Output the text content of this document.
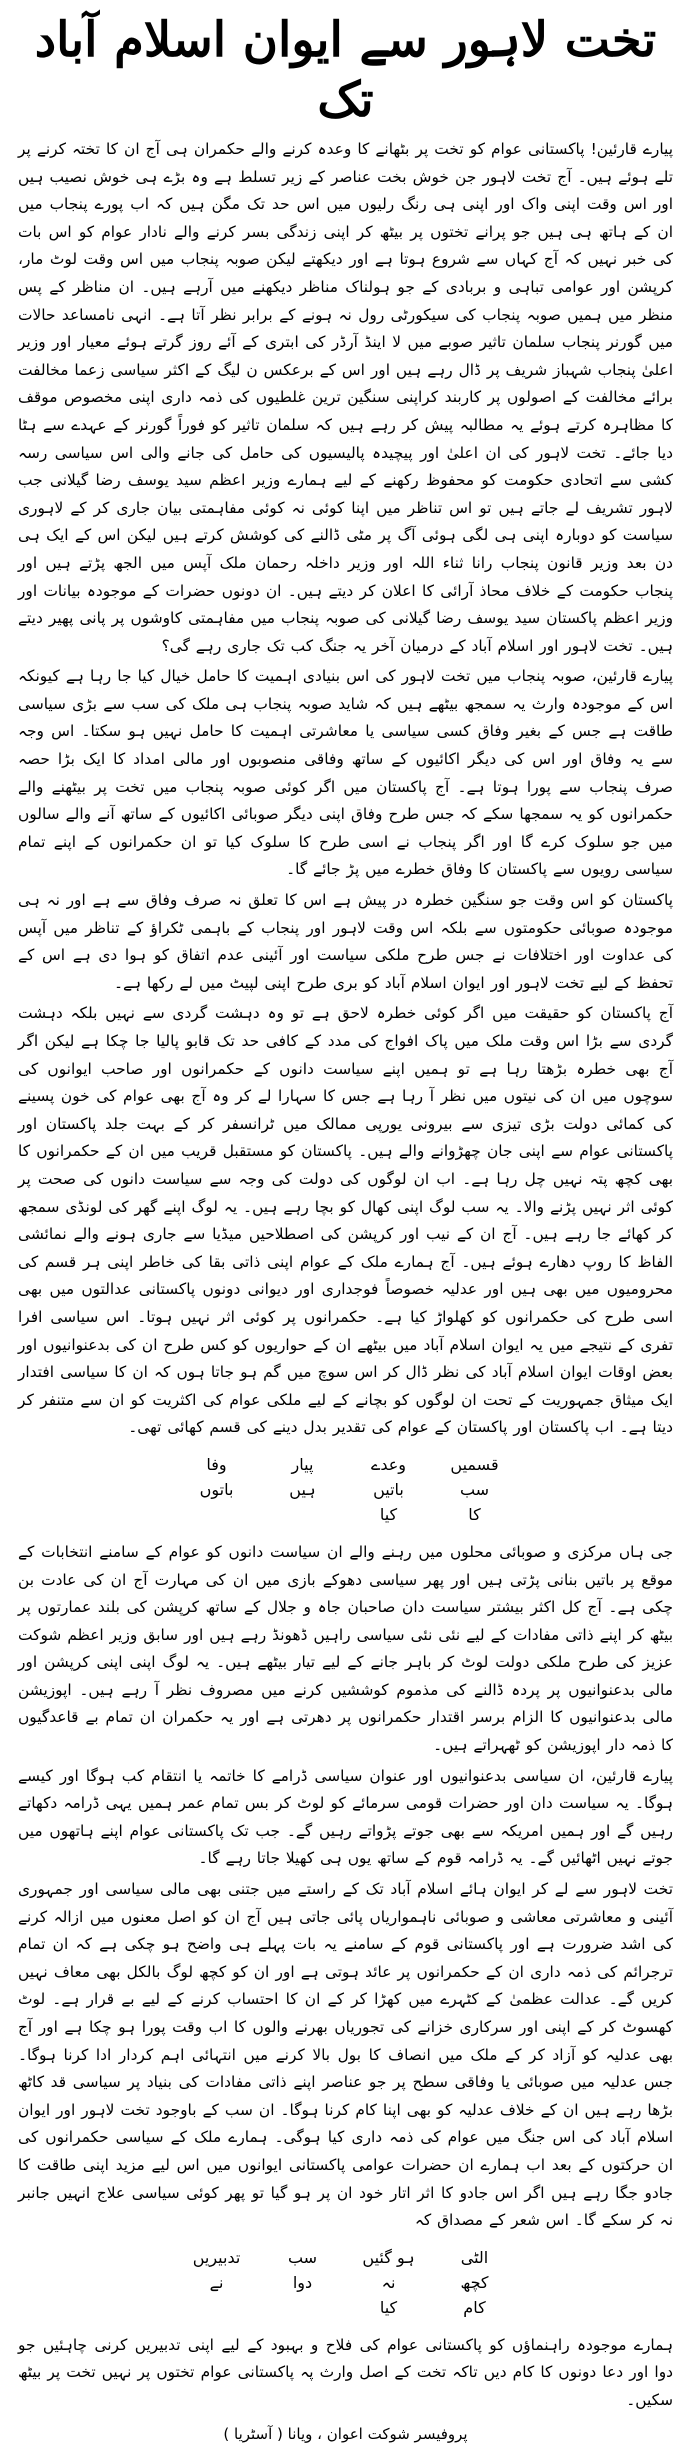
تخت لاہور سے ایوان اسلام آباد تک

پیارے قارئین! پاکستانی عوام کو تخت پر بٹھانے کا وعدہ کرنے والے حکمران ہی آج ان کا تختہ کرنے پر تلے ہوئے ہیں۔ آج تخت لاہور جن خوش بخت عناصر کے زیر تسلط ہے وہ بڑے ہی خوش نصیب ہیں اور اس وقت اپنی واک اور اپنی ہی رنگ رلیوں میں اس حد تک مگن ہیں کہ اب پورے پنجاب میں ان کے ہاتھ ہی ہیں جو پرانے تختوں پر بیٹھ کر اپنی زندگی بسر کرنے والے نادار عوام کو اس بات کی خبر نہیں کہ آج کہاں سے شروع ہوتا ہے اور دیکھتے لیکن صوبہ پنجاب میں اس وقت لوٹ مار، کرپشن اور عوامی تباہی و بربادی کے جو ہولناک مناظر دیکھنے میں آرہے ہیں۔ ان مناظر کے پس منظر میں ہمیں صوبہ پنجاب کی سیکورٹی رول نہ ہونے کے برابر نظر آتا ہے۔ انہی نامساعد حالات میں گورنر پنجاب سلمان تاثیر صوبے میں لا اینڈ آرڈر کی ابتری کے آئے روز گرتے ہوئے معیار اور وزیر اعلیٰ پنجاب شہباز شریف پر ڈال رہے ہیں اور اس کے برعکس ن لیگ کے اکثر سیاسی زعما مخالفت برائے مخالفت کے اصولوں پر کاربند کراپنی سنگین ترین غلطیوں کی ذمہ داری اپنی مخصوص موقف کا مظاہرہ کرتے ہوئے یہ مطالبہ پیش کر رہے ہیں کہ سلمان تاثیر کو فوراً گورنر کے عہدے سے ہٹا دیا جائے۔ تخت لاہور کی ان اعلیٰ اور پیچیدہ پالیسیوں کی حامل کی جانے والی اس سیاسی رسہ کشی سے اتحادی حکومت کو محفوظ رکھنے کے لیے ہمارے وزیر اعظم سید یوسف رضا گیلانی جب لاہور تشریف لے جاتے ہیں تو اس تناظر میں اپنا کوئی نہ کوئی مفاہمتی بیان جاری کر کے لاہوری سیاست کو دوبارہ اپنی ہی لگی ہوئی آگ پر مٹی ڈالنے کی کوشش کرتے ہیں لیکن اس کے ایک ہی دن بعد وزیر قانون پنجاب رانا ثناء اللہ اور وزیر داخلہ رحمان ملک آپس میں الجھ پڑتے ہیں اور پنجاب حکومت کے خلاف محاذ آرائی کا اعلان کر دیتے ہیں۔ ان دونوں حضرات کے موجودہ بیانات اور وزیر اعظم پاکستان سید یوسف رضا گیلانی کی صوبہ پنجاب میں مفاہمتی کاوشوں پر پانی پھیر دیتے ہیں۔ تخت لاہور اور اسلام آباد کے درمیان آخر یہ جنگ کب تک جاری رہے گی؟

پیارے قارئین، صوبہ پنجاب میں تخت لاہور کی اس بنیادی اہمیت کا حامل خیال کیا جا رہا ہے کیونکہ اس کے موجودہ وارث یہ سمجھ بیٹھے ہیں کہ شاید صوبہ پنجاب ہی ملک کی سب سے بڑی سیاسی طاقت ہے جس کے بغیر وفاق کسی سیاسی یا معاشرتی اہمیت کا حامل نہیں ہو سکتا۔ اس وجہ سے یہ وفاق اور اس کی دیگر اکائیوں کے ساتھ وفاقی منصوبوں اور مالی امداد کا ایک بڑا حصہ صرف پنجاب سے پورا ہوتا ہے۔ آج پاکستان میں اگر کوئی صوبہ پنجاب میں تخت پر بیٹھنے والے حکمرانوں کو یہ سمجھا سکے کہ جس طرح وفاق اپنی دیگر صوبائی اکائیوں کے ساتھ آنے والے سالوں میں جو سلوک کرے گا اور اگر پنجاب نے اسی طرح کا سلوک کیا تو ان حکمرانوں کے اپنے تمام سیاسی رویوں سے پاکستان کا وفاق خطرے میں پڑ جائے گا۔

پاکستان کو اس وقت جو سنگین خطرہ در پیش ہے اس کا تعلق نہ صرف وفاق سے ہے اور نہ ہی موجودہ صوبائی حکومتوں سے بلکہ اس وقت لاہور اور پنجاب کے باہمی ٹکراؤ کے تناظر میں آپس کی عداوت اور اختلافات نے جس طرح ملکی سیاست اور آئینی عدم اتفاق کو ہوا دی ہے اس کے تحفظ کے لیے تخت لاہور اور ایوان اسلام آباد کو بری طرح اپنی لپیٹ میں لے رکھا ہے۔

آج پاکستان کو حقیقت میں اگر کوئی خطرہ لاحق ہے تو وہ دہشت گردی سے نہیں بلکہ دہشت گردی سے بڑا اس وقت ملک میں پاک افواج کی مدد کے کافی حد تک قابو پالیا جا چکا ہے لیکن اگر آج بھی خطرہ بڑھتا رہا ہے تو ہمیں اپنے سیاست دانوں کے حکمرانوں اور صاحب ایوانوں کی سوچوں میں ان کی نیتوں میں نظر آ رہا ہے جس کا سہارا لے کر وہ آج بھی عوام کی خون پسینے کی کمائی دولت بڑی تیزی سے بیرونی یورپی ممالک میں ٹرانسفر کر کے بہت جلد پاکستان اور پاکستانی عوام سے اپنی جان چھڑوانے والے ہیں۔ پاکستان کو مستقبل قریب میں ان کے حکمرانوں کا بھی کچھ پتہ نہیں چل رہا ہے۔ اب ان لوگوں کی دولت کی وجہ سے سیاست دانوں کی صحت پر کوئی اثر نہیں پڑنے والا۔ یہ سب لوگ اپنی کھال کو بچا رہے ہیں۔ یہ لوگ اپنے گھر کی لونڈی سمجھ کر کھائے جا رہے ہیں۔ آج ان کے نیب اور کرپشن کی اصطلاحیں میڈیا سے جاری ہونے والے نمائشی الفاظ کا روپ دھارے ہوئے ہیں۔ آج ہمارے ملک کے عوام اپنی ذاتی بقا کی خاطر اپنی ہر قسم کی محرومیوں میں بھی ہیں اور عدلیہ خصوصاً فوجداری اور دیوانی دونوں پاکستانی عدالتوں میں بھی اسی طرح کی حکمرانوں کو کھلواڑ کیا ہے۔ حکمرانوں پر کوئی اثر نہیں ہوتا۔ اس سیاسی افرا تفری کے نتیجے میں یہ ایوان اسلام آباد میں بیٹھے ان کے حواریوں کو کس طرح ان کی بدعنوانیوں اور بعض اوقات ایوان اسلام آباد کی نظر ڈال کر اس سوچ میں گم ہو جاتا ہوں کہ ان کا سیاسی افتدار ایک میثاق جمہوریت کے تحت ان لوگوں کو بچانے کے لیے ملکی عوام کی اکثریت کو ان سے متنفر کر دیتا ہے۔ اب پاکستان اور پاکستان کے عوام کی تقدیر بدل دینے کی قسم کھائی تھی۔

قسمیں
وعدے
پیار
وفا
سب
باتیں
ہیں
باتوں
کا
کیا

جی ہاں مرکزی و صوبائی محلوں میں رہنے والے ان سیاست دانوں کو عوام کے سامنے انتخابات کے موقع پر باتیں بنانی پڑتی ہیں اور پھر سیاسی دھوکے بازی میں ان کی مہارت آج ان کی عادت بن چکی ہے۔ آج کل اکثر بیشتر سیاست دان صاحبان جاہ و جلال کے ساتھ کرپشن کی بلند عمارتوں پر بیٹھ کر اپنے ذاتی مفادات کے لیے نئی نئی سیاسی راہیں ڈھونڈ رہے ہیں اور سابق وزیر اعظم شوکت عزیز کی طرح ملکی دولت لوٹ کر باہر جانے کے لیے تیار بیٹھے ہیں۔ یہ لوگ اپنی اپنی کرپشن اور مالی بدعنوانیوں پر پردہ ڈالنے کی مذموم کوششیں کرنے میں مصروف نظر آ رہے ہیں۔ اپوزیشن مالی بدعنوانیوں کا الزام برسر اقتدار حکمرانوں پر دھرتی ہے اور یہ حکمران ان تمام بے قاعدگیوں کا ذمہ دار اپوزیشن کو ٹھہراتے ہیں۔

پیارے قارئین، ان سیاسی بدعنوانیوں اور عنوان سیاسی ڈرامے کا خاتمہ یا انتقام کب ہوگا اور کیسے ہوگا۔ یہ سیاست دان اور حضرات قومی سرمائے کو لوٹ کر بس تمام عمر ہمیں یہی ڈرامہ دکھاتے رہیں گے اور ہمیں امریکہ سے بھی جوتے پڑواتے رہیں گے۔ جب تک پاکستانی عوام اپنے ہاتھوں میں جوتے نہیں اٹھائیں گے۔ یہ ڈرامہ قوم کے ساتھ یوں ہی کھیلا جاتا رہے گا۔

تخت لاہور سے لے کر ایوان ہائے اسلام آباد تک کے راستے میں جتنی بھی مالی سیاسی اور جمہوری آئینی و معاشرتی معاشی و صوبائی ناہمواریاں پائی جاتی ہیں آج ان کو اصل معنوں میں ازالہ کرنے کی اشد ضرورت ہے اور پاکستانی قوم کے سامنے یہ بات پہلے ہی واضح ہو چکی ہے کہ ان تمام ترجرائم کی ذمہ داری ان کے حکمرانوں پر عائد ہوتی ہے اور ان کو کچھ لوگ بالکل بھی معاف نہیں کریں گے۔ عدالت عظمیٰ کے کٹہرے میں کھڑا کر کے ان کا احتساب کرنے کے لیے بے قرار ہے۔ لوٹ کھسوٹ کر کے اپنی اور سرکاری خزانے کی تجوریاں بھرنے والوں کا اب وقت پورا ہو چکا ہے اور آج بھی عدلیہ کو آزاد کر کے ملک میں انصاف کا بول بالا کرنے میں انتہائی اہم کردار ادا کرنا ہوگا۔ جس عدلیہ میں صوبائی یا وفاقی سطح پر جو عناصر اپنے ذاتی مفادات کی بنیاد پر سیاسی قد کاٹھ بڑھا رہے ہیں ان کے خلاف عدلیہ کو بھی اپنا کام کرنا ہوگا۔ ان سب کے باوجود تخت لاہور اور ایوان اسلام آباد کی اس جنگ میں عوام کی ذمہ داری کیا ہوگی۔ ہمارے ملک کے سیاسی حکمرانوں کی ان حرکتوں کے بعد اب ہمارے ان حضرات عوامی پاکستانی ایوانوں میں اس لیے مزید اپنی طاقت کا جادو جگا رہے ہیں اگر اس جادو کا اثر اتار خود ان پر ہو گیا تو پھر کوئی سیاسی علاج انہیں جانبر نہ کر سکے گا۔ اس شعر کے مصداق کہ

الٹی
ہو گئیں
سب
تدبیریں
کچھ
نہ
دوا
نے
کام
کیا

ہمارے موجودہ راہنماؤں کو پاکستانی عوام کی فلاح و بہبود کے لیے اپنی تدبیریں کرنی چاہئیں جو دوا اور دعا دونوں کا کام دیں تاکہ تخت کے اصل وارث پہ پاکستانی عوام تختوں پر نہیں تخت پر بیٹھ سکیں۔

پروفیسر شوکت اعوان ، ویانا ( آسٹریا )
